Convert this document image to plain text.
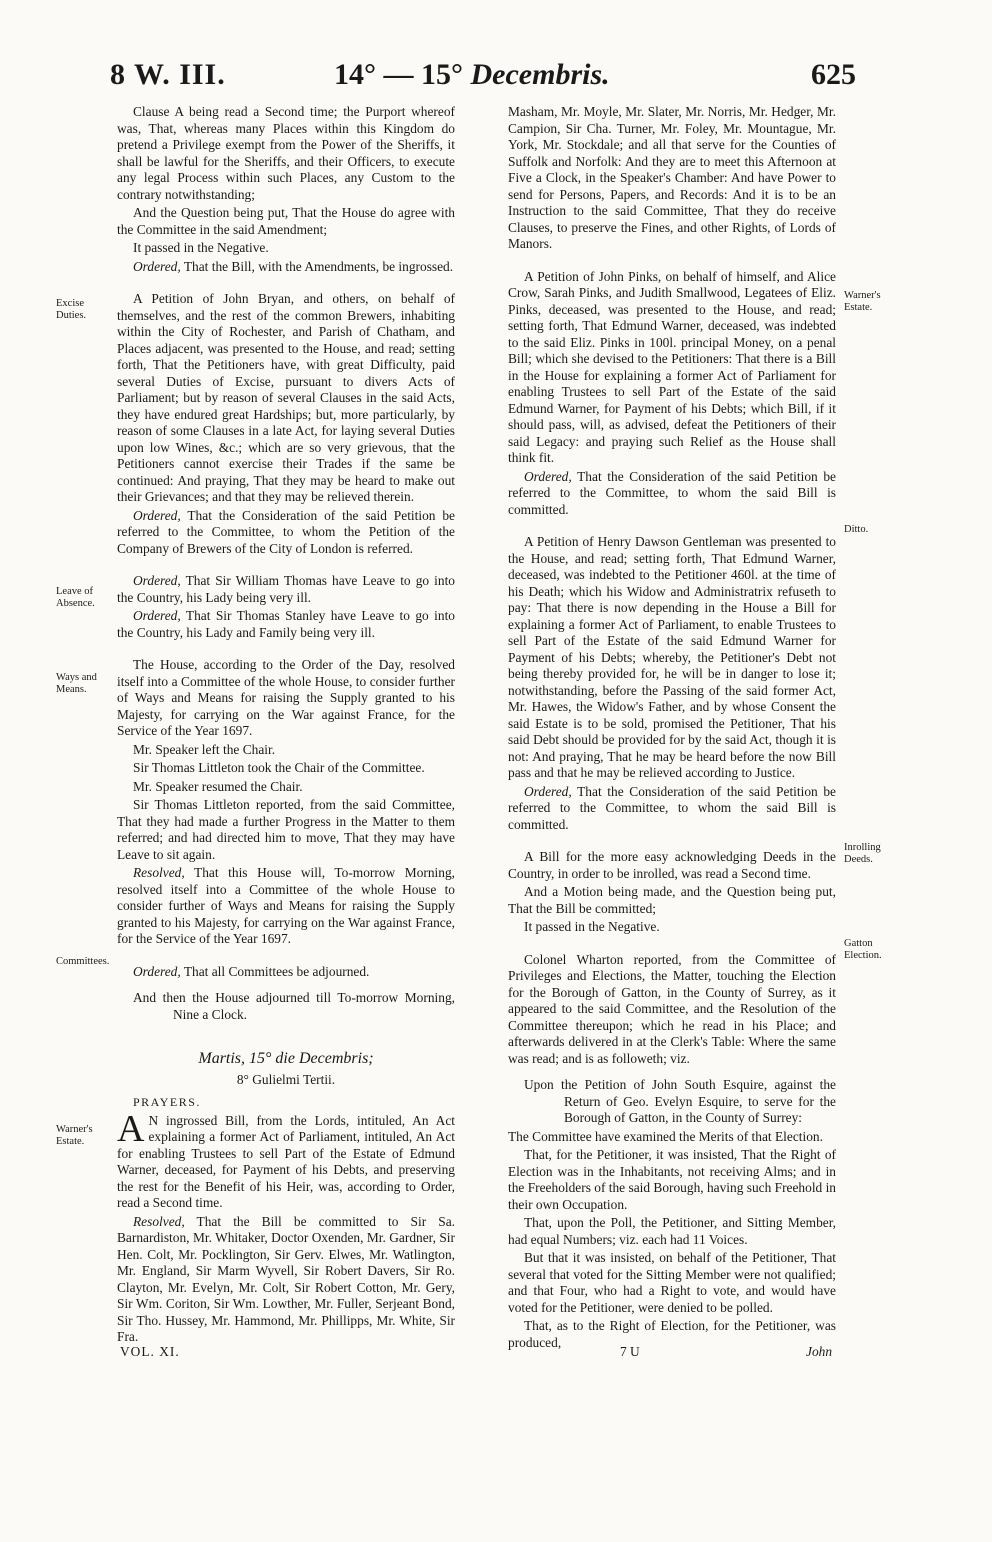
8 W. III.	14° — 15° Decembris.	625

Clause A being read a Second time; the Purport whereof was, That, whereas many Places within this Kingdom do pretend a Privilege exempt from the Power of the Sheriffs, it shall be lawful for the Sheriffs, and their Officers, to execute any legal Process within such Places, any Custom to the contrary notwithstanding;

And the Question being put, That the House do agree with the Committee in the said Amendment;

It passed in the Negative.

Ordered, That the Bill, with the Amendments, be ingrossed.

A Petition of John Bryan, and others, on behalf of themselves, and the rest of the common Brewers, inhabiting within the City of Rochester, and Parish of Chatham, and Places adjacent, was presented to the House, and read; setting forth, That the Petitioners have, with great Difficulty, paid several Duties of Excise, pursuant to divers Acts of Parliament; but by reason of several Clauses in the said Acts, they have endured great Hardships; but, more particularly, by reason of some Clauses in a late Act, for laying several Duties upon low Wines, &c.; which are so very grievous, that the Petitioners cannot exercise their Trades if the same be continued: And praying, That they may be heard to make out their Grievances; and that they may be relieved therein.

Ordered, That the Consideration of the said Petition be referred to the Committee, to whom the Petition of the Company of Brewers of the City of London is referred.

Ordered, That Sir William Thomas have Leave to go into the Country, his Lady being very ill.

Ordered, That Sir Thomas Stanley have Leave to go into the Country, his Lady and Family being very ill.

The House, according to the Order of the Day, resolved itself into a Committee of the whole House, to consider further of Ways and Means for raising the Supply granted to his Majesty, for carrying on the War against France, for the Service of the Year 1697.

Mr. Speaker left the Chair.

Sir Thomas Littleton took the Chair of the Committee.

Mr. Speaker resumed the Chair.

Sir Thomas Littleton reported, from the said Committee, That they had made a further Progress in the Matter to them referred; and had directed him to move, That they may have Leave to sit again.

Resolved, That this House will, To-morrow Morning, resolved itself into a Committee of the whole House to consider further of Ways and Means for raising the Supply granted to his Majesty, for carrying on the War against France, for the Service of the Year 1697.

Ordered, That all Committees be adjourned.

And then the House adjourned till To-morrow Morning, Nine a Clock.

Martis, 15° die Decembris;
8° Gulielmi Tertii.

PRAYERS.

A N ingrossed Bill, from the Lords, intituled, An Act explaining a former Act of Parliament, intituled, An Act for enabling Trustees to sell Part of the Estate of Edmund Warner, deceased, for Payment of his Debts, and preserving the rest for the Benefit of his Heir, was, according to Order, read a Second time.

Resolved, That the Bill be committed to Sir Sa. Barnardiston, Mr. Whitaker, Doctor Oxenden, Mr. Gardner, Sir Hen. Colt, Mr. Pocklington, Sir Gerv. Elwes, Mr. Watlington, Mr. England, Sir Marm Wyvell, Sir Robert Davers, Sir Ro. Clayton, Mr. Evelyn, Mr. Colt, Sir Robert Cotton, Mr. Gery, Sir Wm. Coriton, Sir Wm. Lowther, Mr. Fuller, Serjeant Bond, Sir Tho. Hussey, Mr. Hammond, Mr. Phillipps, Mr. White, Sir Fra.

Masham, Mr. Moyle, Mr. Slater, Mr. Norris, Mr. Hedger, Mr. Campion, Sir Cha. Turner, Mr. Foley, Mr. Mountague, Mr. York, Mr. Stockdale; and all that serve for the Counties of Suffolk and Norfolk: And they are to meet this Afternoon at Five a Clock, in the Speaker's Chamber: And have Power to send for Persons, Papers, and Records: And it is to be an Instruction to the said Committee, That they do receive Clauses, to preserve the Fines, and other Rights, of Lords of Manors.

A Petition of John Pinks, on behalf of himself, and Alice Crow, Sarah Pinks, and Judith Smallwood, Legatees of Eliz. Pinks, deceased, was presented to the House, and read; setting forth, That Edmund Warner, deceased, was indebted to the said Eliz. Pinks in 100l. principal Money, on a penal Bill; which she devised to the Petitioners: That there is a Bill in the House for explaining a former Act of Parliament for enabling Trustees to sell Part of the Estate of the said Edmund Warner, for Payment of his Debts; which Bill, if it should pass, will, as advised, defeat the Petitioners of their said Legacy: and praying such Relief as the House shall think fit.

Ordered, That the Consideration of the said Petition be referred to the Committee, to whom the said Bill is committed.

A Petition of Henry Dawson Gentleman was presented to the House, and read; setting forth, That Edmund Warner, deceased, was indebted to the Petitioner 460l. at the time of his Death; which his Widow and Administratrix refuseth to pay: That there is now depending in the House a Bill for explaining a former Act of Parliament, to enable Trustees to sell Part of the Estate of the said Edmund Warner for Payment of his Debts; whereby, the Petitioner's Debt not being thereby provided for, he will be in danger to lose it; notwithstanding, before the Passing of the said former Act, Mr. Hawes, the Widow's Father, and by whose Consent the said Estate is to be sold, promised the Petitioner, That his said Debt should be provided for by the said Act, though it is not: And praying, That he may be heard before the now Bill pass and that he may be relieved according to Justice.

Ordered, That the Consideration of the said Petition be referred to the Committee, to whom the said Bill is committed.

A Bill for the more easy acknowledging Deeds in the Country, in order to be inrolled, was read a Second time.

And a Motion being made, and the Question being put, That the Bill be committed;

It passed in the Negative.

Colonel Wharton reported, from the Committee of Privileges and Elections, the Matter, touching the Election for the Borough of Gatton, in the County of Surrey, as it appeared to the said Committee, and the Resolution of the Committee thereupon; which he read in his Place; and afterwards delivered in at the Clerk's Table: Where the same was read; and is as followeth; viz.

Upon the Petition of John South Esquire, against the Return of Geo. Evelyn Esquire, to serve for the Borough of Gatton, in the County of Surrey:

The Committee have examined the Merits of that Election.

That, for the Petitioner, it was insisted, That the Right of Election was in the Inhabitants, not receiving Alms; and in the Freeholders of the said Borough, having such Freehold in their own Occupation.

That, upon the Poll, the Petitioner, and Sitting Member, had equal Numbers; viz. each had 11 Voices.

But that it was insisted, on behalf of the Petitioner, That several that voted for the Sitting Member were not qualified; and that Four, who had a Right to vote, and would have voted for the Petitioner, were denied to be polled.

That, as to the Right of Election, for the Petitioner, was produced,

Excise Duties.
Leave of Absence.
Ways and Means.
Committees.
Warner's Estate.
Warner's Estate.
Ditto.
Inrolling Deeds.
Gatton Election.
VOL. XI.	7 U	John
